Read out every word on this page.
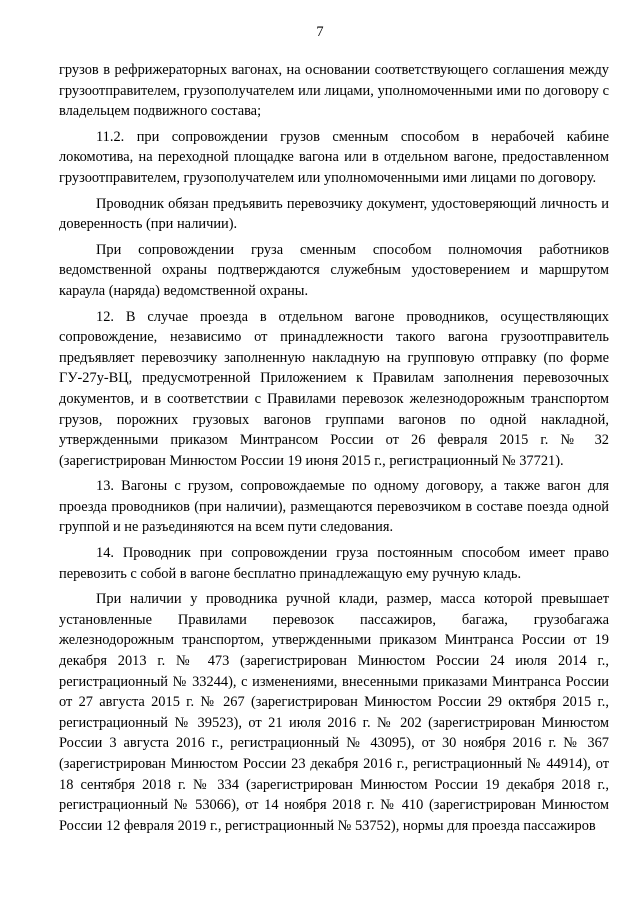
7

грузов в рефрижераторных вагонах, на основании соответствующего соглашения между грузоотправителем, грузополучателем или лицами, уполномоченными ими по договору с владельцем подвижного состава;

11.2. при сопровождении грузов сменным способом в нерабочей кабине локомотива, на переходной площадке вагона или в отдельном вагоне, предоставленном грузоотправителем, грузополучателем или уполномоченными ими лицами по договору.

Проводник обязан предъявить перевозчику документ, удостоверяющий личность и доверенность (при наличии).

При сопровождении груза сменным способом полномочия работников ведомственной охраны подтверждаются служебным удостоверением и маршрутом караула (наряда) ведомственной охраны.

12. В случае проезда в отдельном вагоне проводников, осуществляющих сопровождение, независимо от принадлежности такого вагона грузоотправитель предъявляет перевозчику заполненную накладную на групповую отправку (по форме ГУ-27у-ВЦ, предусмотренной Приложением к Правилам заполнения перевозочных документов, и в соответствии с Правилами перевозок железнодорожным транспортом грузов, порожних грузовых вагонов группами вагонов по одной накладной, утвержденными приказом Минтрансом России от 26 февраля 2015 г. № 32 (зарегистрирован Минюстом России 19 июня 2015 г., регистрационный № 37721).

13. Вагоны с грузом, сопровождаемые по одному договору, а также вагон для проезда проводников (при наличии), размещаются перевозчиком в составе поезда одной группой и не разъединяются на всем пути следования.

14. Проводник при сопровождении груза постоянным способом имеет право перевозить с собой в вагоне бесплатно принадлежащую ему ручную кладь.

При наличии у проводника ручной клади, размер, масса которой превышает установленные Правилами перевозок пассажиров, багажа, грузобагажа железнодорожным транспортом, утвержденными приказом Минтранса России от 19 декабря 2013 г. № 473 (зарегистрирован Минюстом России 24 июля 2014 г., регистрационный № 33244), с изменениями, внесенными приказами Минтранса России от 27 августа 2015 г. № 267 (зарегистрирован Минюстом России 29 октября 2015 г., регистрационный № 39523), от 21 июля 2016 г. № 202 (зарегистрирован Минюстом России 3 августа 2016 г., регистрационный № 43095), от 30 ноября 2016 г. № 367 (зарегистрирован Минюстом России 23 декабря 2016 г., регистрационный № 44914), от 18 сентября 2018 г. № 334 (зарегистрирован Минюстом России 19 декабря 2018 г., регистрационный № 53066), от 14 ноября 2018 г. № 410 (зарегистрирован Минюстом России 12 февраля 2019 г., регистрационный № 53752), нормы для проезда пассажиров
